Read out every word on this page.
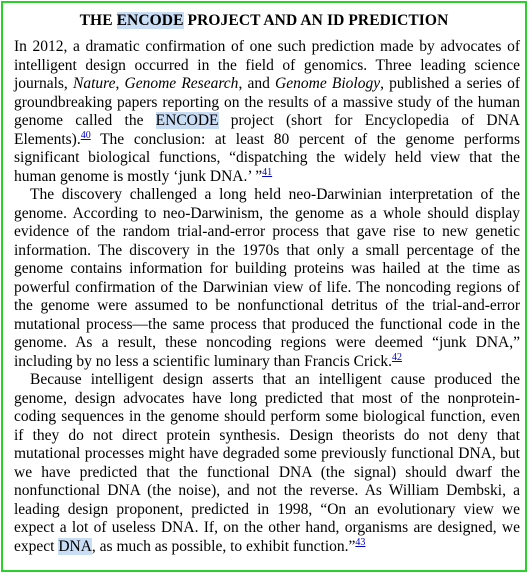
THE ENCODE PROJECT AND AN ID PREDICTION

In 2012, a dramatic confirmation of one such prediction made by advocates of intelligent design occurred in the field of genomics. Three leading science journals, Nature, Genome Research, and Genome Biology, published a series of groundbreaking papers reporting on the results of a massive study of the human genome called the ENCODE project (short for Encyclopedia of DNA Elements).$^{40}$ The conclusion: at least 80 percent of the genome performs significant biological functions, “dispatching the widely held view that the human genome is mostly ‘junk DNA.’ ”$^{41}$

The discovery challenged a long held neo-Darwinian interpretation of the genome. According to neo-Darwinism, the genome as a whole should display evidence of the random trial-and-error process that gave rise to new genetic information. The discovery in the 1970s that only a small percentage of the genome contains information for building proteins was hailed at the time as powerful confirmation of the Darwinian view of life. The noncoding regions of the genome were assumed to be nonfunctional detritus of the trial-and-error mutational process—the same process that produced the functional code in the genome. As a result, these noncoding regions were deemed “junk DNA,” including by no less a scientific luminary than Francis Crick.$^{42}$

Because intelligent design asserts that an intelligent cause produced the genome, design advocates have long predicted that most of the nonprotein-coding sequences in the genome should perform some biological function, even if they do not direct protein synthesis. Design theorists do not deny that mutational processes might have degraded some previously functional DNA, but we have predicted that the functional DNA (the signal) should dwarf the nonfunctional DNA (the noise), and not the reverse. As William Dembski, a leading design proponent, predicted in 1998, “On an evolutionary view we expect a lot of useless DNA. If, on the other hand, organisms are designed, we expect DNA, as much as possible, to exhibit function.”$^{43}$
